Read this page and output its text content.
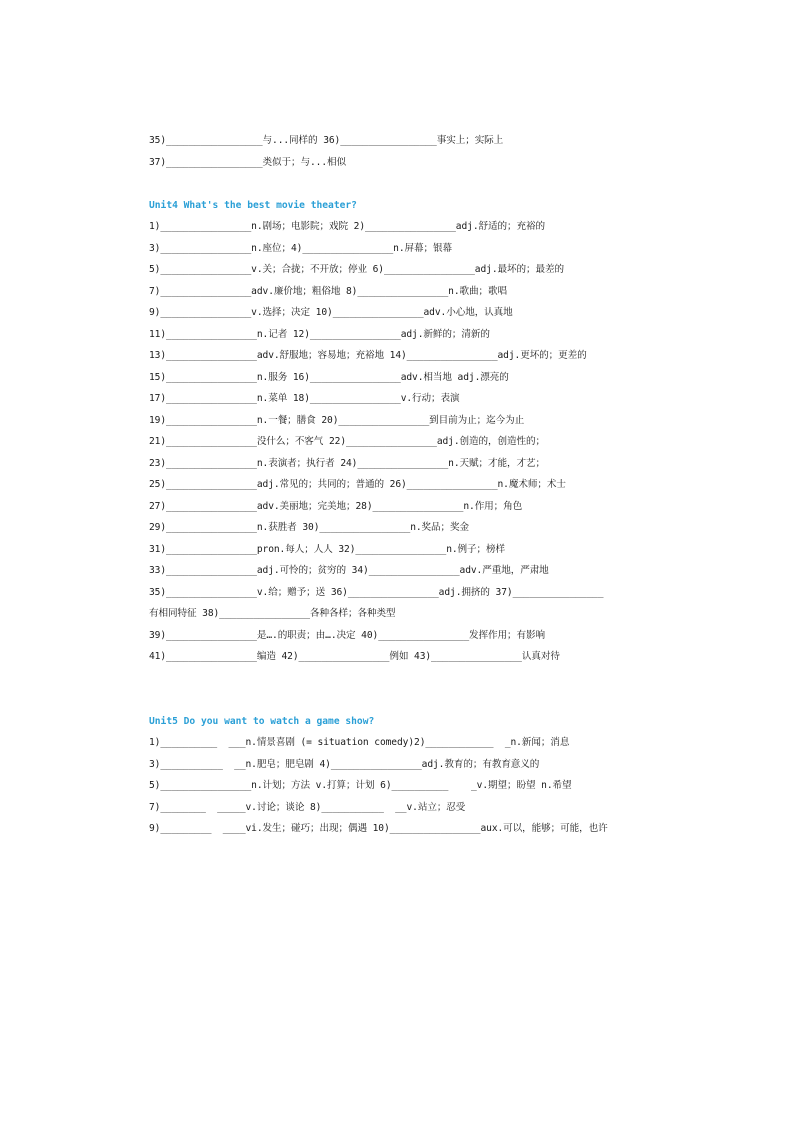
35)_________________与...同样的 36)_________________事实上；实际上
37)_________________类似于；与...相似
Unit4 What's the best movie theater?
1)________________n.剧场；电影院；戏院 2)________________adj.舒适的；充裕的
3)________________n.座位；4)________________n.屏幕；银幕
5)________________v.关；合拢；不开放；停业 6)________________adj.最坏的；最差的
7)________________adv.廉价地；粗俗地 8)________________n.歌曲；歌唱
9)________________v.选择；决定 10)________________adv.小心地，认真地
11)________________n.记者 12)________________adj.新鲜的；清新的
13)________________adv.舒服地；容易地；充裕地 14)________________adj.更坏的；更差的
15)________________n.服务 16)________________adv.相当地 adj.漂亮的
17)________________n.菜单 18)________________v.行动；表演
19)________________n.一餐；膳食 20)________________到目前为止；迄今为止
21)________________没什么；不客气 22)________________adj.创造的，创造性的；
23)________________n.表演者；执行者 24)________________n.天赋；才能，才艺；
25)________________adj.常见的；共同的；普通的 26)________________n.魔术师；术士
27)________________adv.美丽地；完美地；28)________________n.作用；角色
29)________________n.获胜者 30)________________n.奖品；奖金
31)________________pron.每人；人人 32)________________n.例子；榜样
33)________________adj.可怜的；贫穷的 34)________________adv.严重地，严肃地
35)________________v.给；赠予；送 36)________________adj.拥挤的 37)________________
有相同特征 38)________________各种各样；各种类型
39)________________是….的职责；由….决定 40)________________发挥作用；有影响
41)________________编造 42)________________例如 43)________________认真对待
Unit5 Do you want to watch a game show?
1)__________  ___n.情景喜剧 (= situation comedy)2)____________  _n.新闻；消息
3)___________  __n.肥皂；肥皂剧 4)________________adj.教育的；有教育意义的
5)________________n.计划；方法 v.打算；计划 6)__________    _v.期望；盼望 n.希望
7)________  _____v.讨论；谈论 8)___________  __v.站立；忍受
9)_________  ____vi.发生；碰巧；出现；偶遇 10)________________aux.可以，能够；可能，也许
